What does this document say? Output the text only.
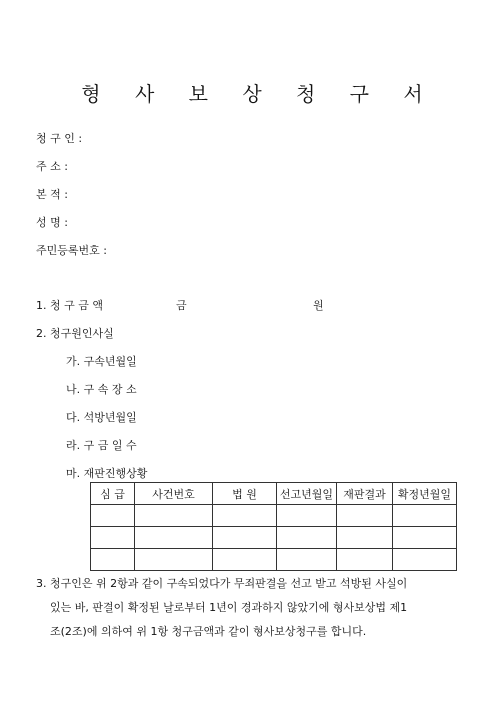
형 사 보 상 청 구 서
청 구 인 :
주 소 :
본 적 :
성 명 :
주민등록번호 :
1. 청 구 금 액	금	원
2. 청구원인사실
가. 구속년월일
나. 구 속 장 소
다. 석방년월일
라. 구 금 일 수
마. 재판진행상황
심 급	사건번호	법 원	선고년월일	재판결과	확정년월일

3. 청구인은 위 2항과 같이 구속되었다가 무죄판결을 선고 받고 석방된 사실이
있는 바, 판결이 확정된 날로부터 1년이 경과하지 않았기에 형사보상법 제1
조(2조)에 의하여 위 1항 청구금액과 같이 형사보상청구를 합니다.
